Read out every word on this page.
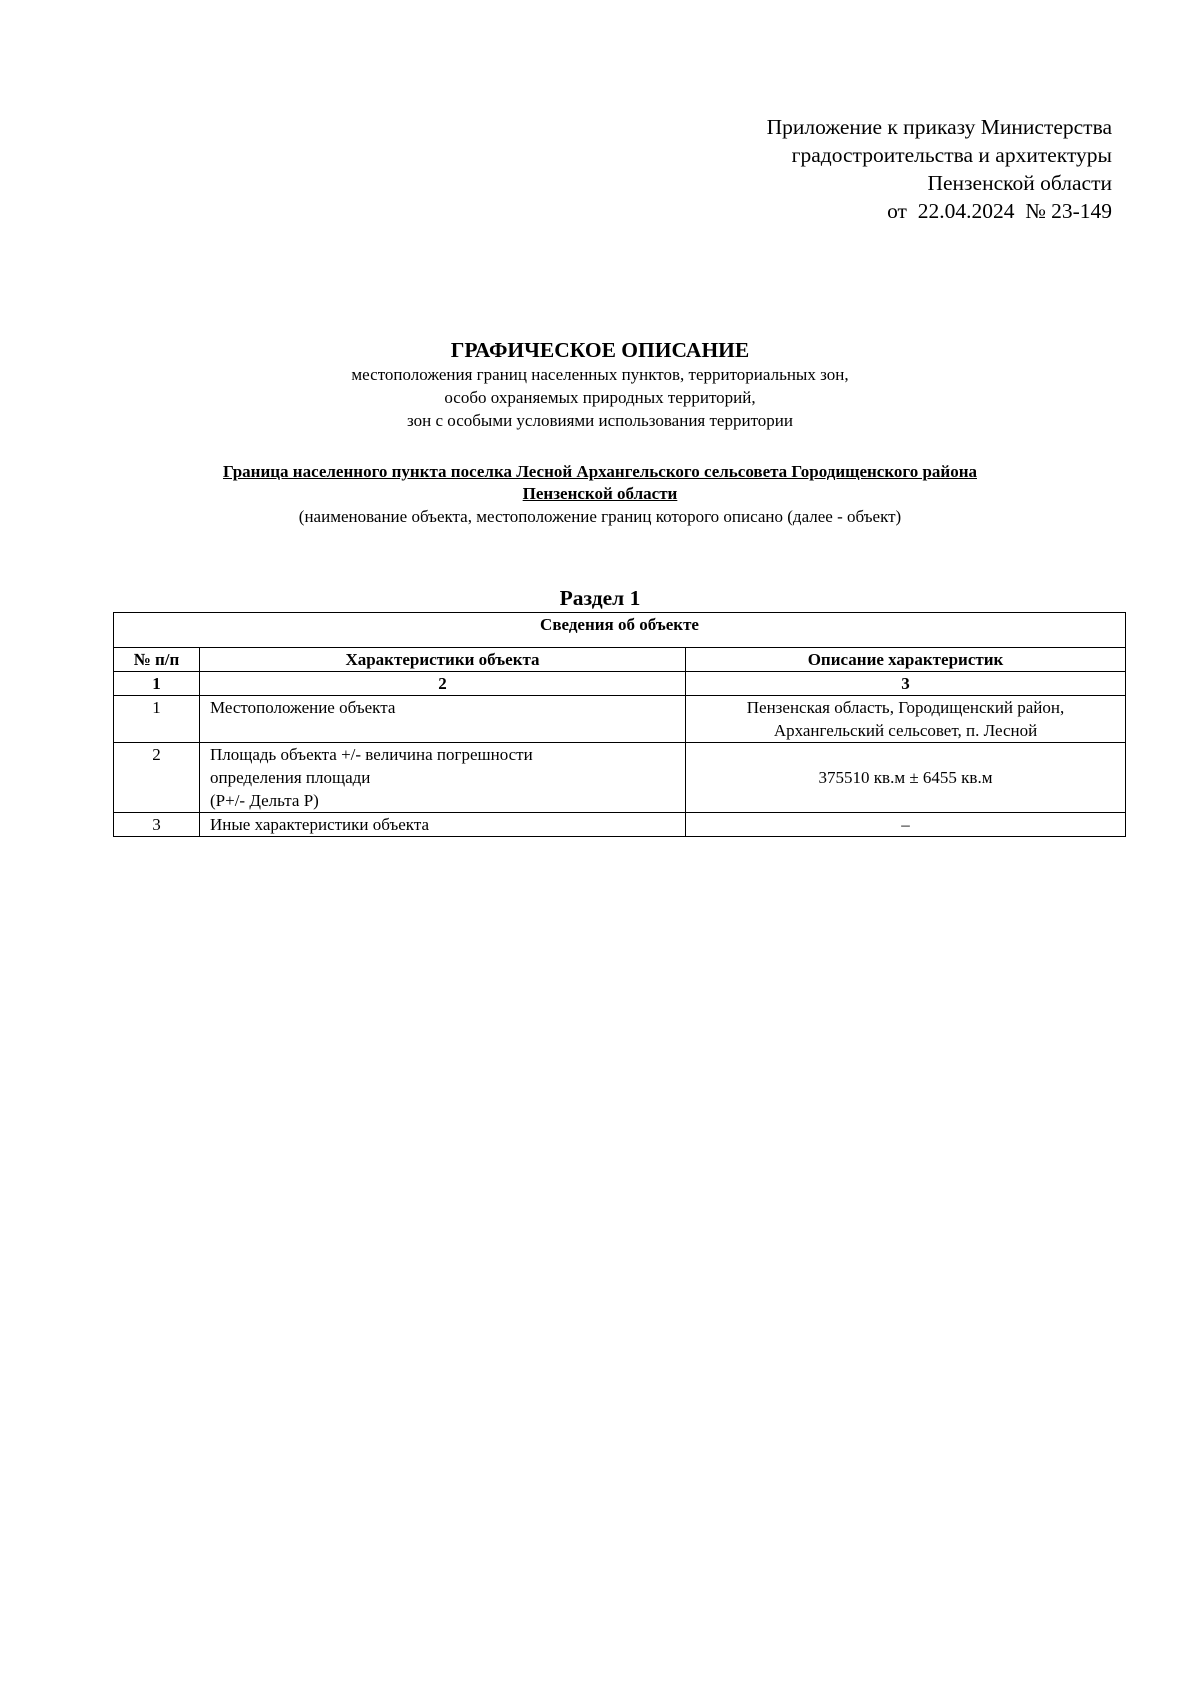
Приложение к приказу Министерства
градостроительства и архитектуры
Пензенской области
от 22.04.2024 № 23-149
ГРАФИЧЕСКОЕ ОПИСАНИЕ
местоположения границ населенных пунктов, территориальных зон,
особо охраняемых природных территорий,
зон с особыми условиями использования территории
Граница населенного пункта поселка Лесной Архангельского сельсовета Городищенского района
Пензенской области
(наименование объекта, местоположение границ которого описано (далее - объект)
Раздел 1
Сведения об объекте		
№ п/п	Характеристики объекта	Описание характеристик
1	2	3
1	Местоположение объекта	Пензенская область, Городищенский район,
Архангельский сельсовет, п. Лесной

2	Площадь объекта +/- величина погрешности
определения площади
(P+/- Дельта P)	375510 кв.м ± 6455 кв.м

3	Иные характеристики объекта	–
